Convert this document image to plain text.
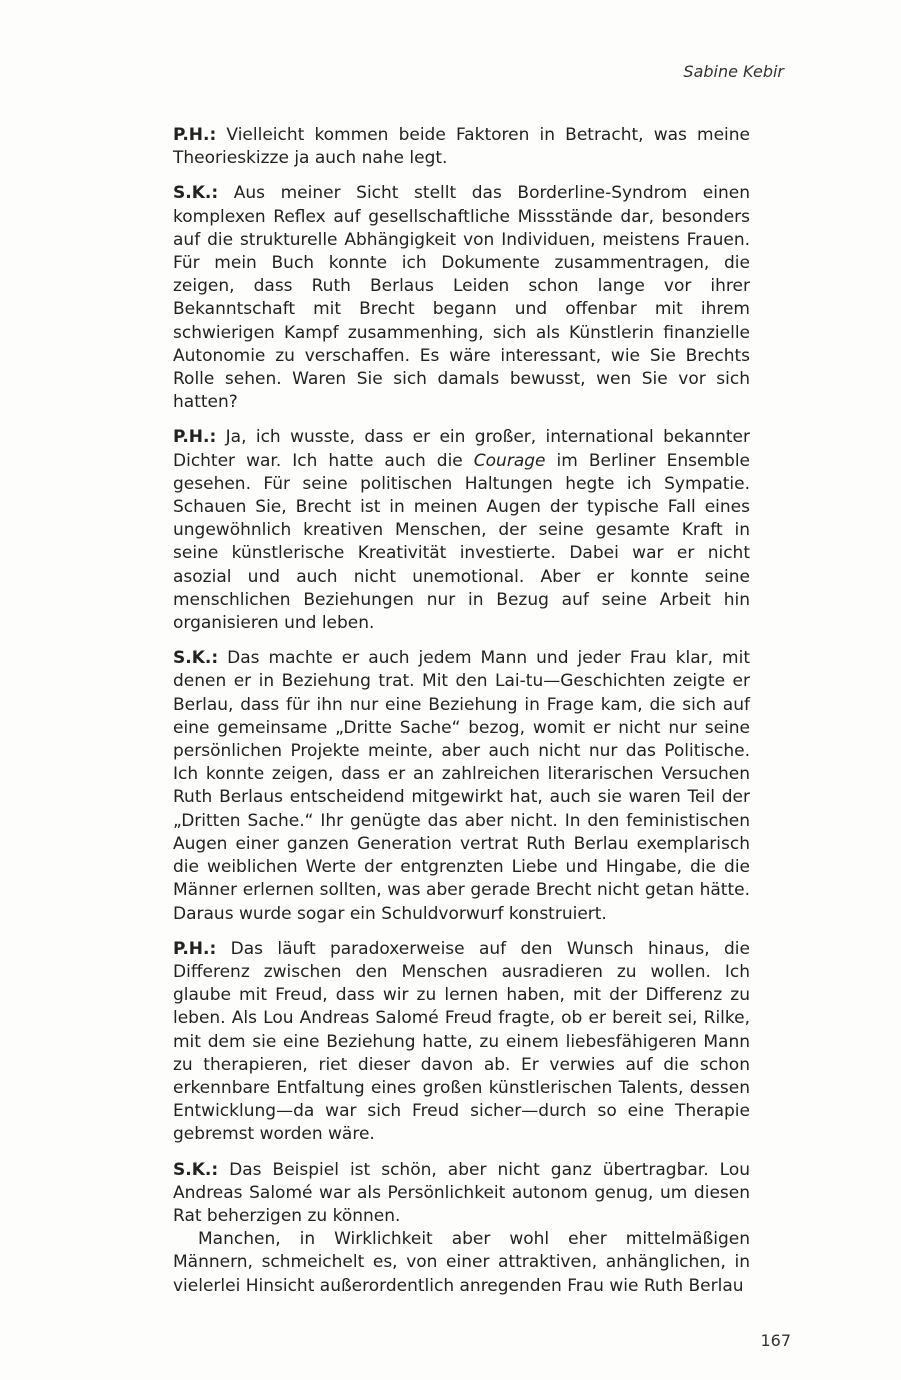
Sabine Kebir

P.H.: Vielleicht kommen beide Faktoren in Betracht, was meine Theorieskizze ja auch nahe legt.

S.K.: Aus meiner Sicht stellt das Borderline-Syndrom einen komplexen Reflex auf gesellschaftliche Missstände dar, besonders auf die strukturelle Abhängigkeit von Individuen, meistens Frauen. Für mein Buch konnte ich Dokumente zusammentragen, die zeigen, dass Ruth Berlaus Leiden schon lange vor ihrer Bekanntschaft mit Brecht begann und offenbar mit ihrem schwierigen Kampf zusammenhing, sich als Künstlerin finanzielle Autonomie zu verschaffen. Es wäre interessant, wie Sie Brechts Rolle sehen. Waren Sie sich damals bewusst, wen Sie vor sich hatten?

P.H.: Ja, ich wusste, dass er ein großer, international bekannter Dichter war. Ich hatte auch die Courage im Berliner Ensemble gesehen. Für seine politischen Haltungen hegte ich Sympatie. Schauen Sie, Brecht ist in meinen Augen der typische Fall eines ungewöhnlich kreativen Menschen, der seine gesamte Kraft in seine künstlerische Kreativität investierte. Dabei war er nicht asozial und auch nicht unemotional. Aber er konnte seine menschlichen Beziehungen nur in Bezug auf seine Arbeit hin organisieren und leben.

S.K.: Das machte er auch jedem Mann und jeder Frau klar, mit denen er in Beziehung trat. Mit den Lai-tu—Geschichten zeigte er Berlau, dass für ihn nur eine Beziehung in Frage kam, die sich auf eine gemeinsame „Dritte Sache“ bezog, womit er nicht nur seine persönlichen Projekte meinte, aber auch nicht nur das Politische. Ich konnte zeigen, dass er an zahlreichen literarischen Versuchen Ruth Berlaus entscheidend mitgewirkt hat, auch sie waren Teil der „Dritten Sache.“ Ihr genügte das aber nicht. In den feministischen Augen einer ganzen Generation vertrat Ruth Berlau exemplarisch die weiblichen Werte der entgrenzten Liebe und Hingabe, die die Männer erlernen sollten, was aber gerade Brecht nicht getan hätte. Daraus wurde sogar ein Schuldvorwurf konstruiert.

P.H.: Das läuft paradoxerweise auf den Wunsch hinaus, die Differenz zwischen den Menschen ausradieren zu wollen. Ich glaube mit Freud, dass wir zu lernen haben, mit der Differenz zu leben. Als Lou Andreas Salomé Freud fragte, ob er bereit sei, Rilke, mit dem sie eine Beziehung hatte, zu einem liebesfähigeren Mann zu therapieren, riet dieser davon ab. Er verwies auf die schon erkennbare Entfaltung eines großen künstlerischen Talents, dessen Entwicklung—da war sich Freud sicher—durch so eine Therapie gebremst worden wäre.

S.K.: Das Beispiel ist schön, aber nicht ganz übertragbar. Lou Andreas Salomé war als Persönlichkeit autonom genug, um diesen Rat beherzigen zu können.

Manchen, in Wirklichkeit aber wohl eher mittelmäßigen Männern, schmeichelt es, von einer attraktiven, anhänglichen, in vielerlei Hinsicht außerordentlich anregenden Frau wie Ruth Berlau

167
